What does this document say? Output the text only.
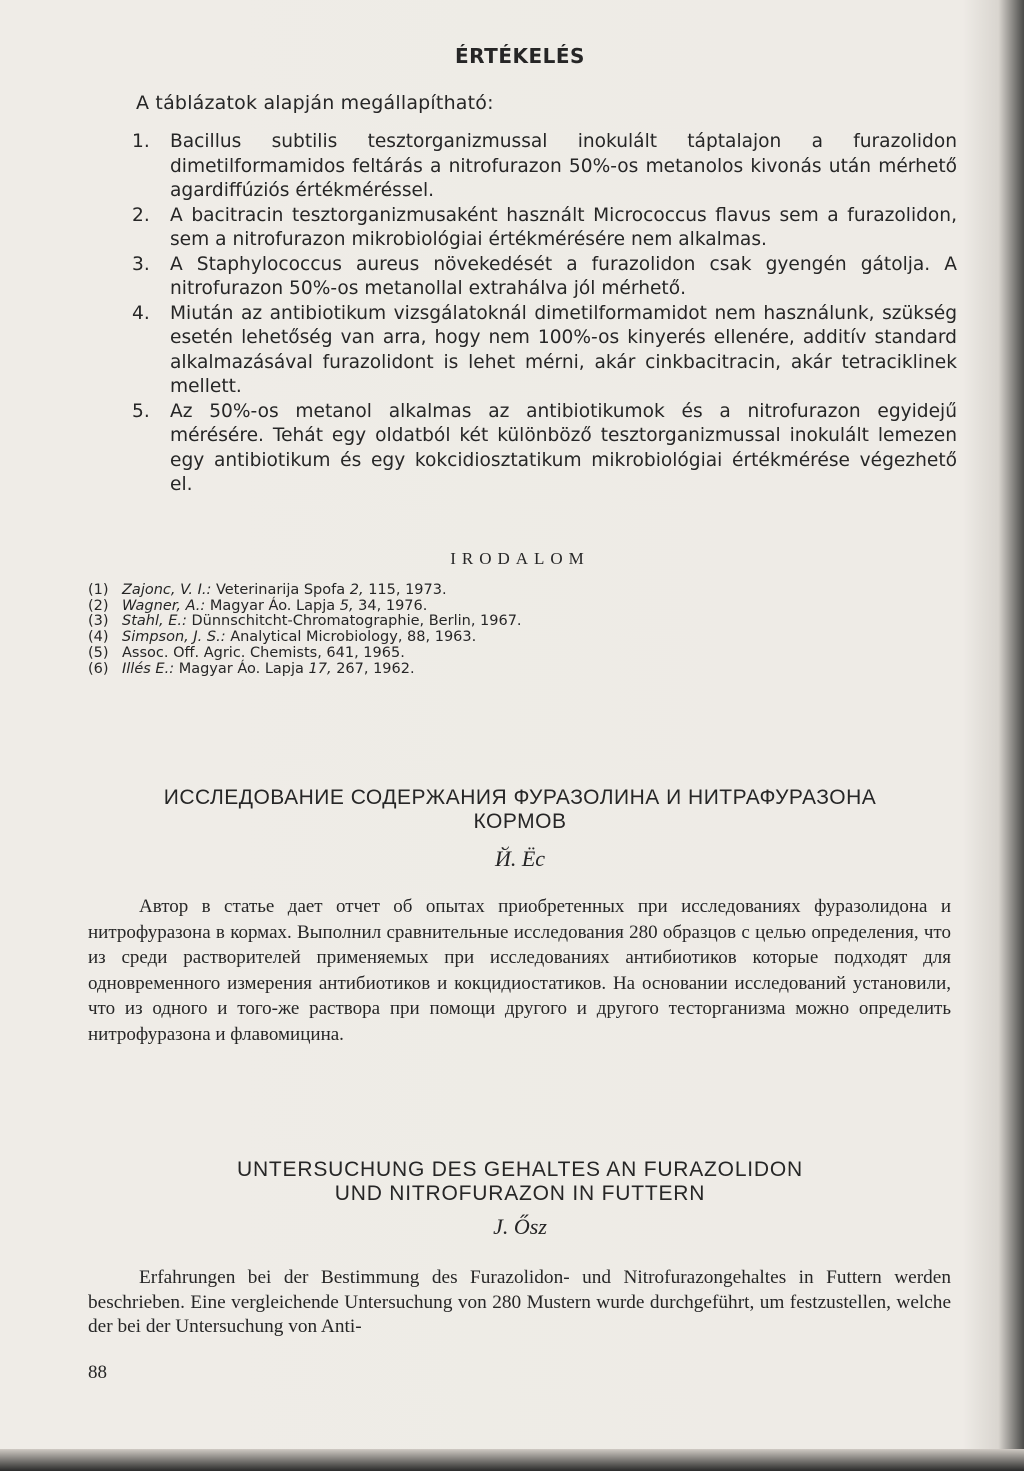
ÉRTÉKELÉS
A táblázatok alapján megállapítható:
1.	Bacillus subtilis tesztorganizmussal inokulált táptalajon a furazolidon dimetilformamidos feltárás a nitrofurazon 50%-os metanolos kivonás után mérhető agardiffúziós értékméréssel.
2.	A bacitracin tesztorganizmusaként használt Micrococcus flavus sem a furazolidon, sem a nitrofurazon mikrobiológiai értékmérésére nem alkalmas.
3.	A Staphylococcus aureus növekedését a furazolidon csak gyengén gátolja. A nitrofurazon 50%-os metanollal extrahálva jól mérhető.
4.	Miután az antibiotikum vizsgálatoknál dimetilformamidot nem használunk, szükség esetén lehetőség van arra, hogy nem 100%-os kinyerés ellenére, additív standard alkalmazásával furazolidont is lehet mérni, akár cinkbacitracin, akár tetraciklinek mellett.
5.	Az 50%-os metanol alkalmas az antibiotikumok és a nitrofurazon egyidejű mérésére. Tehát egy oldatból két különböző tesztorganizmussal inokulált lemezen egy antibiotikum és egy kokcidiosztatikum mikrobiológiai értékmérése végezhető el.
IRODALOM
(1) Zajonc, V. I.: Veterinarija Spofa 2, 115, 1973.
(2) Wagner, A.: Magyar Áo. Lapja 5, 34, 1976.
(3) Stahl, E.: Dünnschitcht-Chromatographie, Berlin, 1967.
(4) Simpson, J. S.: Analytical Microbiology, 88, 1963.
(5) Assoc. Off. Agric. Chemists, 641, 1965.
(6) Illés E.: Magyar Áo. Lapja 17, 267, 1962.
ИССЛЕДОВАНИЕ СОДЕРЖАНИЯ ФУРАЗОЛИНА И НИТРАФУРАЗОНА
КОРМОВ
Й. Ёс

Автор в статье дает отчет об опытах приобретенных при исследованиях фуразолидона и нитрофуразона в кормах. Выполнил сравнительные исследования 280 образцов с целью определения, что из среди растворителей применяемых при исследованиях антибиотиков которые подходят для одновременного измерения антибиотиков и кокцидиостатиков. На основании исследований установили, что из одного и того-же раствора при помощи другого и другого тесторганизма можно определить нитрофуразона и флавомицина.

UNTERSUCHUNG DES GEHALTES AN FURAZOLIDON
UND NITROFURAZON IN FUTTERN
J. Ősz

Erfahrungen bei der Bestimmung des Furazolidon- und Nitrofurazongehaltes in Futtern werden beschrieben. Eine vergleichende Untersuchung von 280 Mustern wurde durchgeführt, um festzustellen, welche der bei der Untersuchung von Anti-

88
